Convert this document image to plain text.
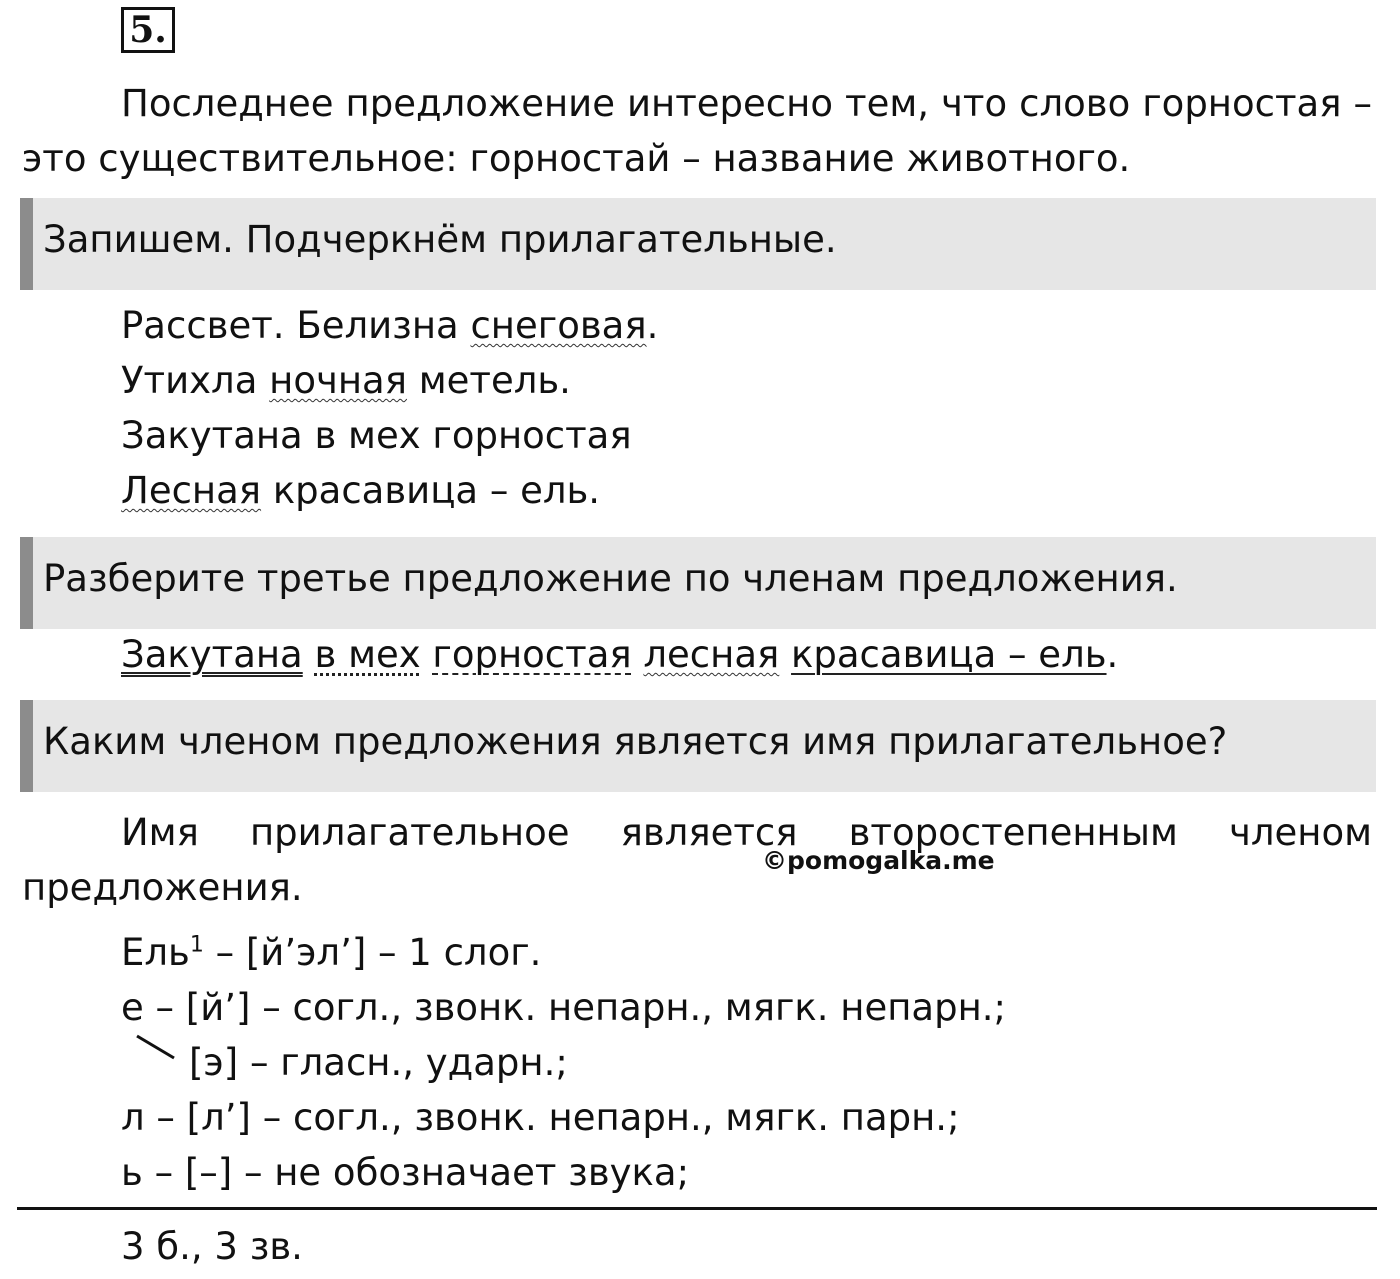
5.
Последнее предложение интересно тем, что слово горностая –
это существительное: горностай – название животного.
Запишем. Подчеркнём прилагательные.
Рассвет. Белизна снеговая.
Утихла ночная метель.
Закутана в мех горностая
Лесная красавица – ель.
Разберите третье предложение по членам предложения.
Закутана в мех горностая лесная красавица – ель.
Каким членом предложения является имя прилагательное?
Имя прилагательное является второстепенным членом
предложения.
©pomogalka.me
Ель$^1$ – [й’эл’] – 1 слог.
е – [й’] – согл., звонк. непарн., мягк. непарн.;
[э] – гласн., ударн.;
л – [л’] – согл., звонк. непарн., мягк. парн.;
ь – [–] – не обозначает звука;
3 б., 3 зв.
